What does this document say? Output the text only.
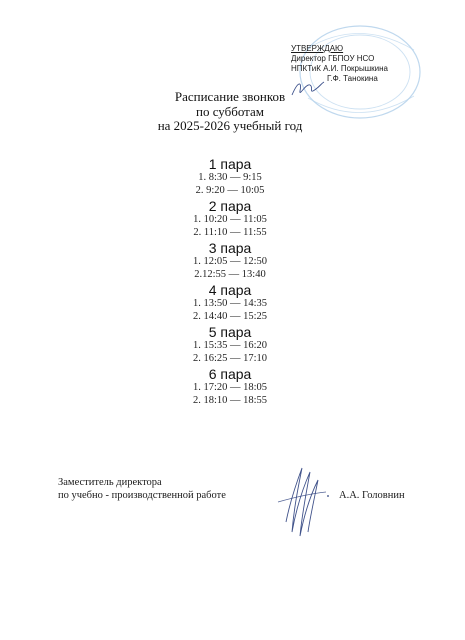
УТВЕРЖДАЮ
Директор ГБПОУ НСО
НПКТиК А.И. Покрышкина
Г.Ф. Танокина
Расписание звонков
по субботам
на 2025-2026 учебный год
1 пара
1. 8:30 — 9:15
2. 9:20 — 10:05
2 пара
1. 10:20 — 11:05
2. 11:10 — 11:55
3 пара
1. 12:05 — 12:50
2.12:55 — 13:40
4 пара
1. 13:50 — 14:35
2. 14:40 — 15:25
5 пара
1. 15:35 — 16:20
2. 16:25 — 17:10
6 пара
1. 17:20 — 18:05
2. 18:10 — 18:55
Заместитель директора
по учебно - производственной работе	А.А. Головнин
